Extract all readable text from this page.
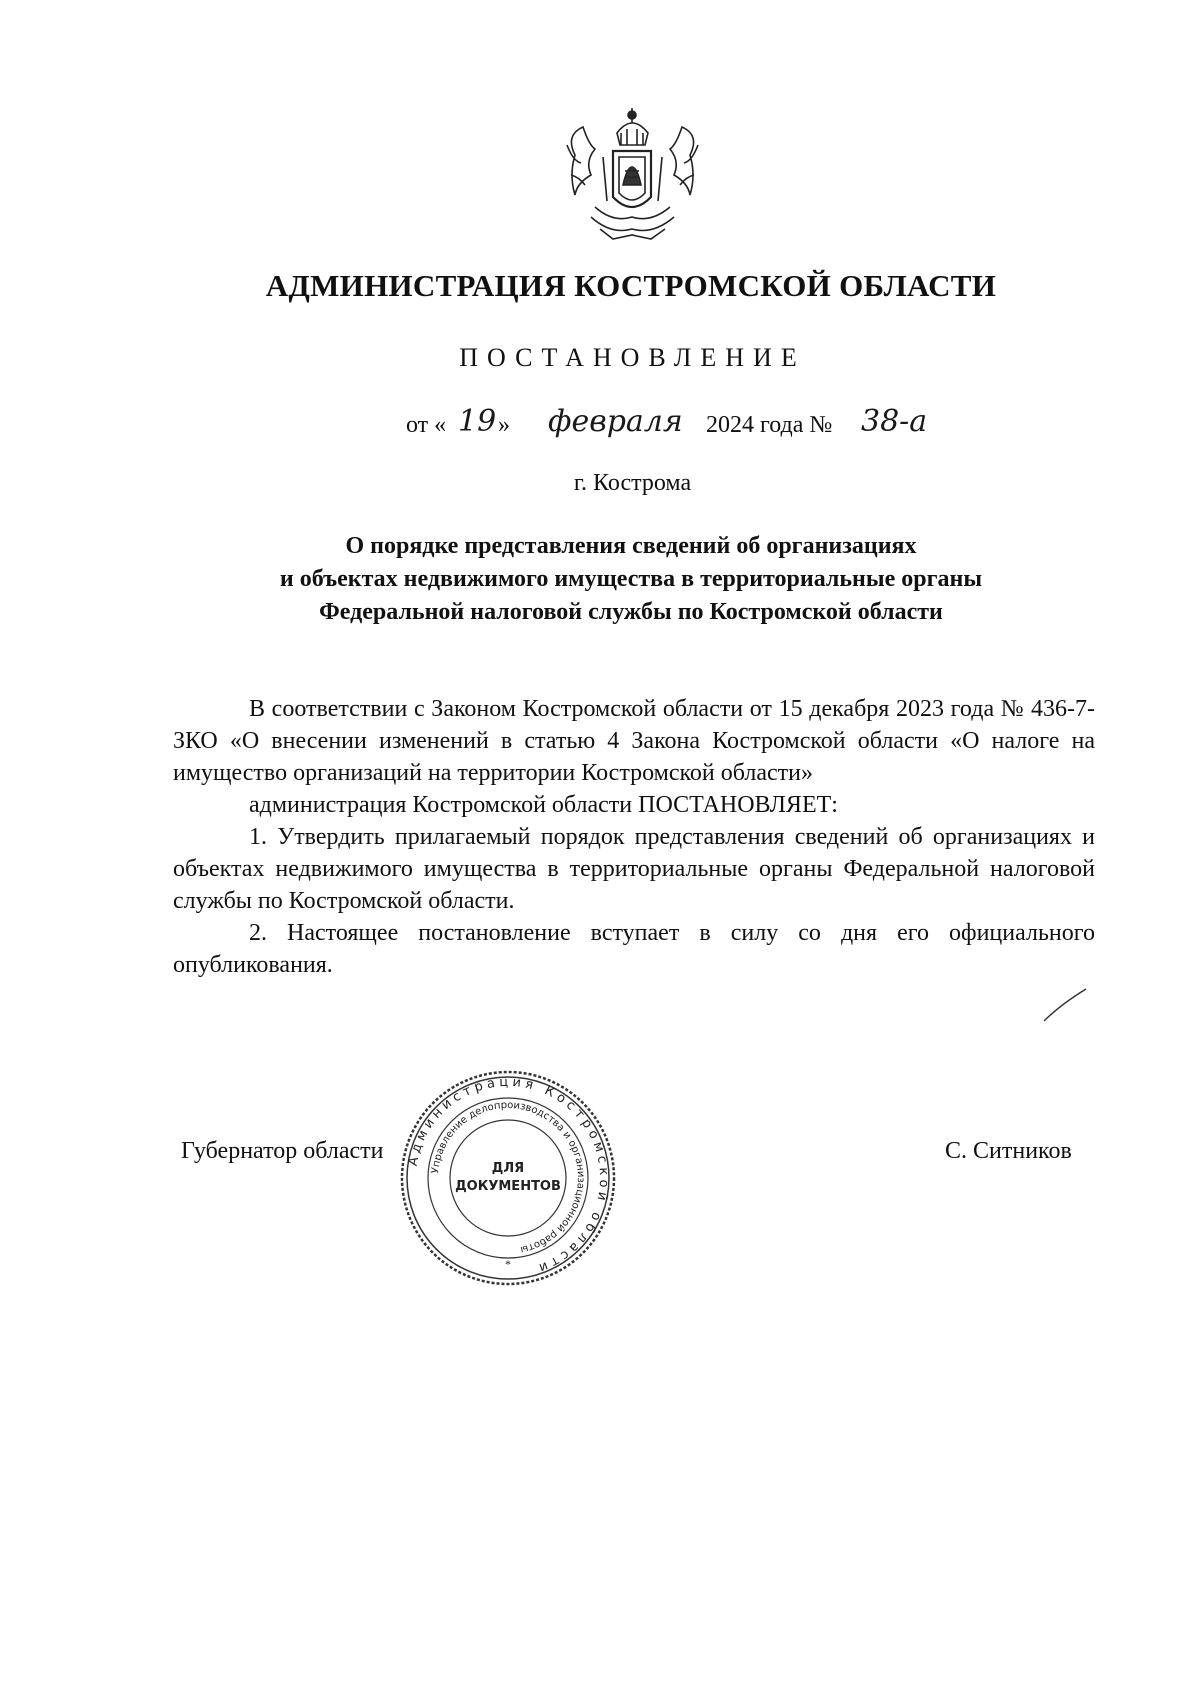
АДМИНИСТРАЦИЯ КОСТРОМСКОЙ ОБЛАСТИ
ПОСТАНОВЛЕНИЕ
от « 19 » февраля 2024 года № 38-а
г. Кострома
О порядке представления сведений об организациях
и объектах недвижимого имущества в территориальные органы
Федеральной налоговой службы по Костромской области

В соответствии с Законом Костромской области от 15 декабря 2023 года № 436-7-ЗКО «О внесении изменений в статью 4 Закона Костромской области «О налоге на имущество организаций на территории Костромской области»

администрация Костромской области ПОСТАНОВЛЯЕТ:

1. Утвердить прилагаемый порядок представления сведений об организациях и объектах недвижимого имущества в территориальные органы Федеральной налоговой службы по Костромской области.

2. Настоящее постановление вступает в силу со дня его официального опубликования.

Губернатор области	С. Ситников
Администрация Костромской области
Управление делопроизводства и организационной работы
ДЛЯ
ДОКУМЕНТОВ
*
